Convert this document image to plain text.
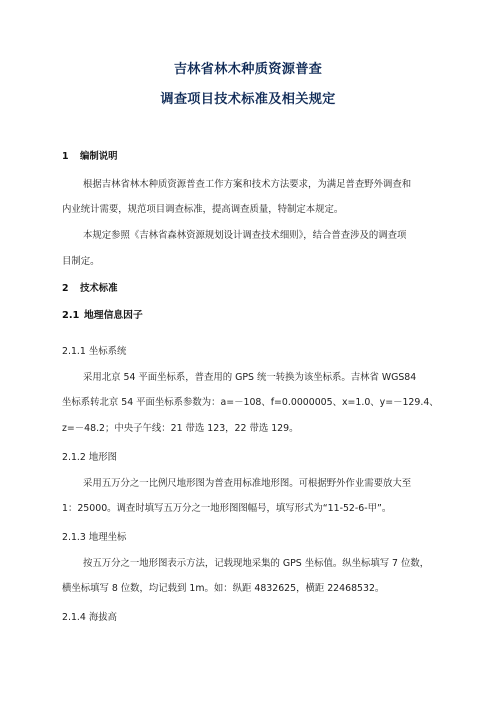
吉林省林木种质资源普查
调查项目技术标准及相关规定
1 编制说明
根据吉林省林木种质资源普查工作方案和技术方法要求，为满足普查野外调查和
内业统计需要，规范项目调查标准，提高调查质量，特制定本规定。
本规定参照《吉林省森林资源规划设计调查技术细则》，结合普查涉及的调查项
目制定。
2 技术标准
2.1 地理信息因子
2.1.1 坐标系统
采用北京 54 平面坐标系，普查用的 GPS 统一转换为该坐标系。吉林省 WGS84
坐标系转北京 54 平面坐标系参数为：a=－108、f=0.0000005、x=1.0、y=－129.4、
z=－48.2；中央子午线：21 带选 123，22 带选 129。
2.1.2 地形图
采用五万分之一比例尺地形图为普查用标准地形图。可根据野外作业需要放大至
1：25000。调查时填写五万分之一地形图图幅号，填写形式为“11-52-6-甲”。
2.1.3 地理坐标
按五万分之一地形图表示方法，记载现地采集的 GPS 坐标值。纵坐标填写 7 位数，
横坐标填写 8 位数，均记载到 1m。如：纵距 4832625，横距 22468532。
2.1.4 海拔高
